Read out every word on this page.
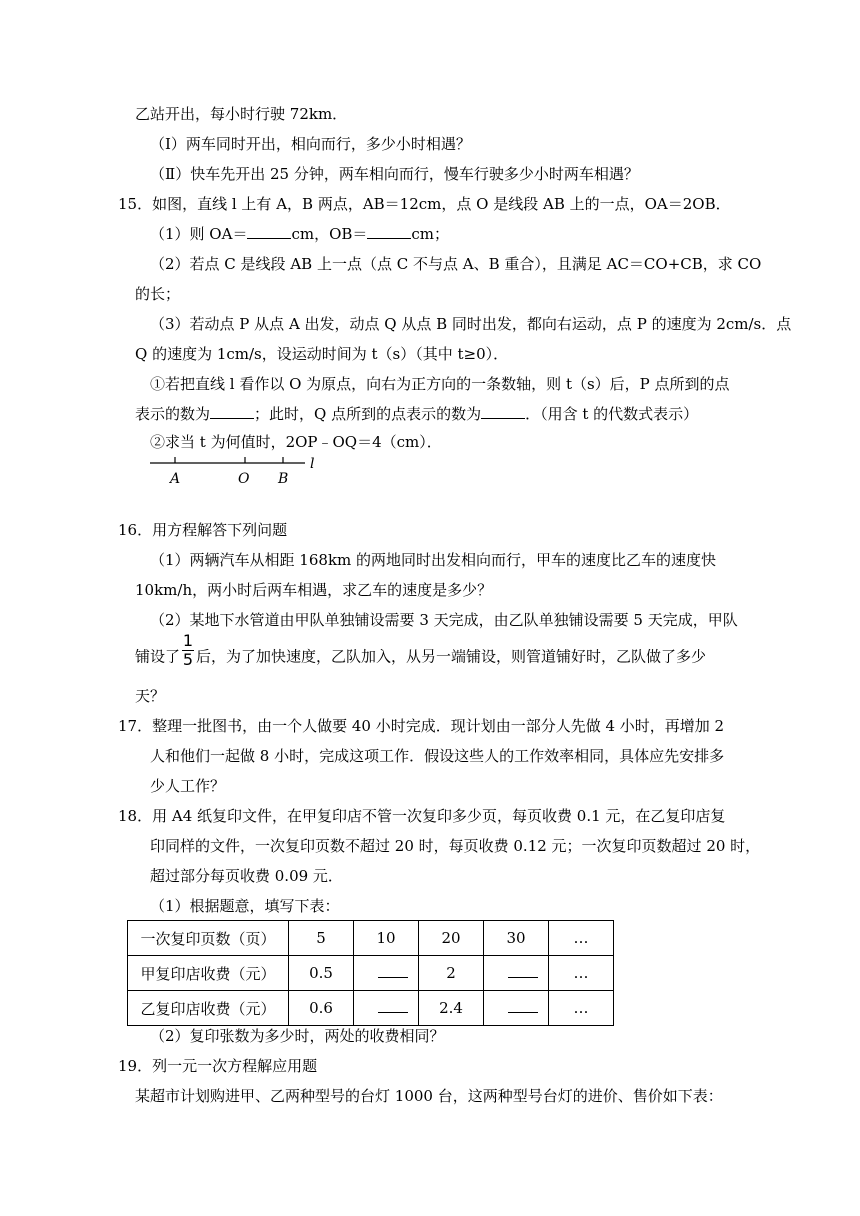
乙站开出，每小时行驶 72km．
（Ⅰ）两车同时开出，相向而行，多少小时相遇？
（Ⅱ）快车先开出 25 分钟，两车相向而行，慢车行驶多少小时两车相遇？
15．如图，直线 l 上有 A，B 两点，AB＝12cm，点 O 是线段 AB 上的一点，OA＝2OB．
（1）则 OA＝	cm，OB＝	cm；
（2）若点 C 是线段 AB 上一点（点 C 不与点 A、B 重合），且满足 AC＝CO+CB，求 CO
的长；
（3）若动点 P 从点 A 出发，动点 Q 从点 B 同时出发，都向右运动，点 P 的速度为 2cm/s．点
Q 的速度为 1cm/s，设运动时间为 t（s）（其中 t≥0）．
①若把直线 l 看作以 O 为原点，向右为正方向的一条数轴，则 t（s）后，P 点所到的点
表示的数为	；此时，Q 点所到的点表示的数为	．（用含 t 的代数式表示）
②求当 t 为何值时，2OP﹣OQ＝4（cm）．
A	O B
l
16．用方程解答下列问题
（1）两辆汽车从相距 168km 的两地同时出发相向而行，甲车的速度比乙车的速度快
10km/h，两小时后两车相遇，求乙车的速度是多少？
（2）某地下水管道由甲队单独铺设需要 3 天完成，由乙队单独铺设需要 5 天完成，甲队
铺设了 $\frac{1}{5}$ 后，为了加快速度，乙队加入，从另一端铺设，则管道铺好时，乙队做了多少
天？
17．整理一批图书，由一个人做要 40 小时完成．现计划由一部分人先做 4 小时，再增加 2
人和他们一起做 8 小时，完成这项工作．假设这些人的工作效率相同，具体应先安排多
少人工作？
18．用 A4 纸复印文件，在甲复印店不管一次复印多少页，每页收费 0.1 元，在乙复印店复
印同样的文件，一次复印页数不超过 20 时，每页收费 0.12 元；一次复印页数超过 20 时，
超过部分每页收费 0.09 元．
（1）根据题意，填写下表：
一次复印页数（页）	5	10	20	30	…
甲复印店收费（元）	0.5		2		…
乙复印店收费（元）	0.6		2.4		…
（2）复印张数为多少时，两处的收费相同？
19．列一元一次方程解应用题
某超市计划购进甲、乙两种型号的台灯 1000 台，这两种型号台灯的进价、售价如下表：
